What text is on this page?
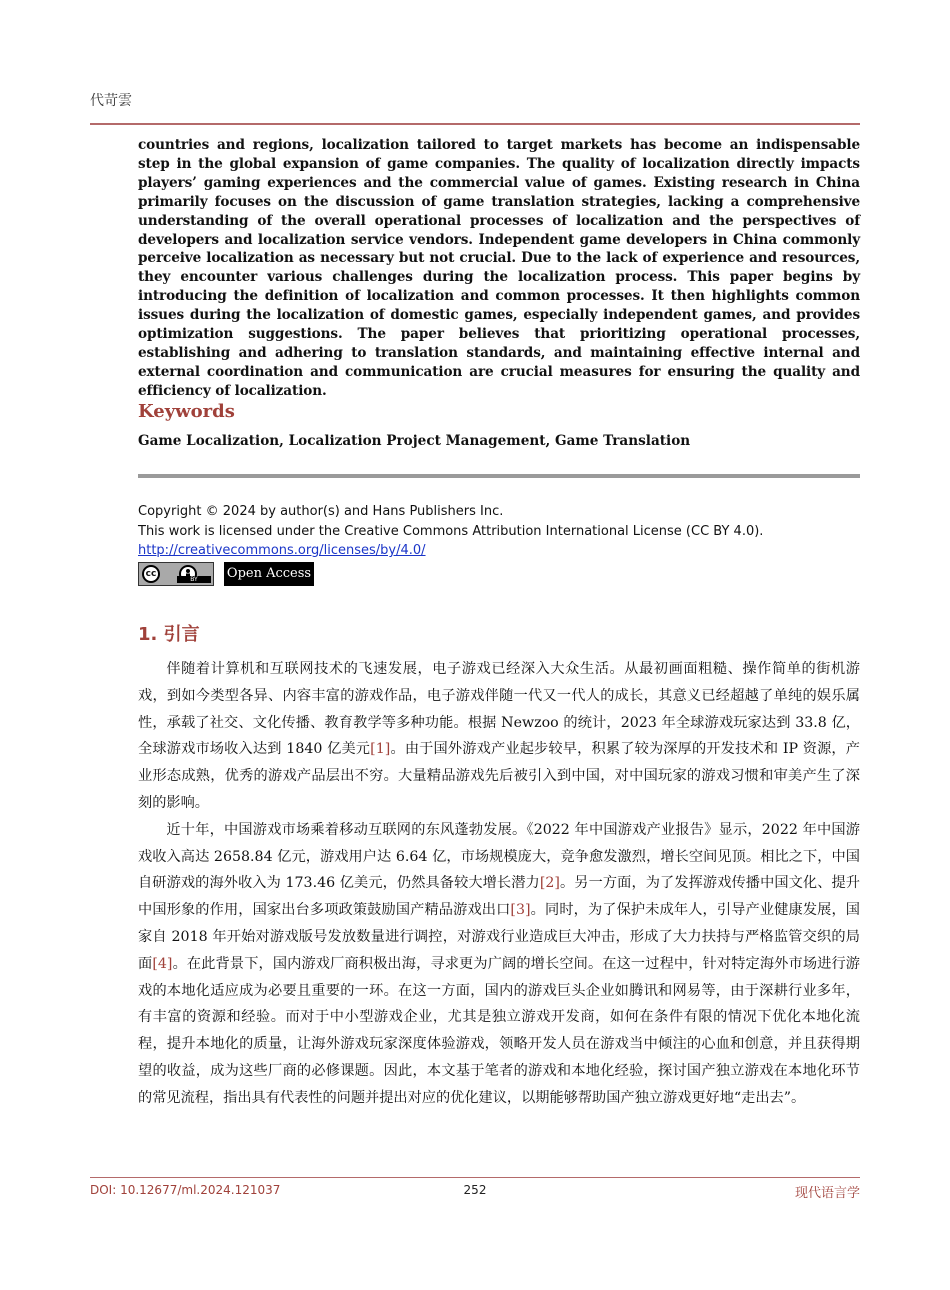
代苛雲
countries and regions, localization tailored to target markets has become an indispensable step in the global expansion of game companies. The quality of localization directly impacts players’ gaming experiences and the commercial value of games. Existing research in China primarily focuses on the discussion of game translation strategies, lacking a comprehensive understanding of the overall operational processes of localization and the perspectives of developers and localization service vendors. Independent game developers in China commonly perceive localization as necessary but not crucial. Due to the lack of experience and resources, they encounter various challenges during the localization process. This paper begins by introducing the definition of localization and common processes. It then highlights common issues during the localization of domestic games, especially independent games, and provides optimization suggestions. The paper believes that prioritizing operational processes, establishing and adhering to translation standards, and maintaining effective internal and external coordination and communication are crucial measures for ensuring the quality and efficiency of localization.
Keywords
Game Localization, Localization Project Management, Game Translation
Copyright © 2024 by author(s) and Hans Publishers Inc.
This work is licensed under the Creative Commons Attribution International License (CC BY 4.0).
http://creativecommons.org/licenses/by/4.0/
cc
BY	Open Access
1. 引言

伴随着计算机和互联网技术的飞速发展，电子游戏已经深入大众生活。从最初画面粗糙、操作简单的街机游戏，到如今类型各异、内容丰富的游戏作品，电子游戏伴随一代又一代人的成长，其意义已经超越了单纯的娱乐属性，承载了社交、文化传播、教育教学等多种功能。根据 Newzoo 的统计，2023 年全球游戏玩家达到 33.8 亿，全球游戏市场收入达到 1840 亿美元[1]。由于国外游戏产业起步较早，积累了较为深厚的开发技术和 IP 资源，产业形态成熟，优秀的游戏产品层出不穷。大量精品游戏先后被引入到中国，对中国玩家的游戏习惯和审美产生了深刻的影响。

近十年，中国游戏市场乘着移动互联网的东风蓬勃发展。《2022 年中国游戏产业报告》显示，2022 年中国游戏收入高达 2658.84 亿元，游戏用户达 6.64 亿，市场规模庞大，竞争愈发激烈，增长空间见顶。相比之下，中国自研游戏的海外收入为 173.46 亿美元，仍然具备较大增长潜力[2]。另一方面，为了发挥游戏传播中国文化、提升中国形象的作用，国家出台多项政策鼓励国产精品游戏出口[3]。同时，为了保护未成年人，引导产业健康发展，国家自 2018 年开始对游戏版号发放数量进行调控，对游戏行业造成巨大冲击，形成了大力扶持与严格监管交织的局面[4]。在此背景下，国内游戏厂商积极出海，寻求更为广阔的增长空间。在这一过程中，针对特定海外市场进行游戏的本地化适应成为必要且重要的一环。在这一方面，国内的游戏巨头企业如腾讯和网易等，由于深耕行业多年，有丰富的资源和经验。而对于中小型游戏企业，尤其是独立游戏开发商，如何在条件有限的情况下优化本地化流程，提升本地化的质量，让海外游戏玩家深度体验游戏，领略开发人员在游戏当中倾注的心血和创意，并且获得期望的收益，成为这些厂商的必修课题。因此，本文基于笔者的游戏和本地化经验，探讨国产独立游戏在本地化环节的常见流程，指出具有代表性的问题并提出对应的优化建议，以期能够帮助国产独立游戏更好地“走出去”。

DOI: 10.12677/ml.2024.121037	252	现代语言学
